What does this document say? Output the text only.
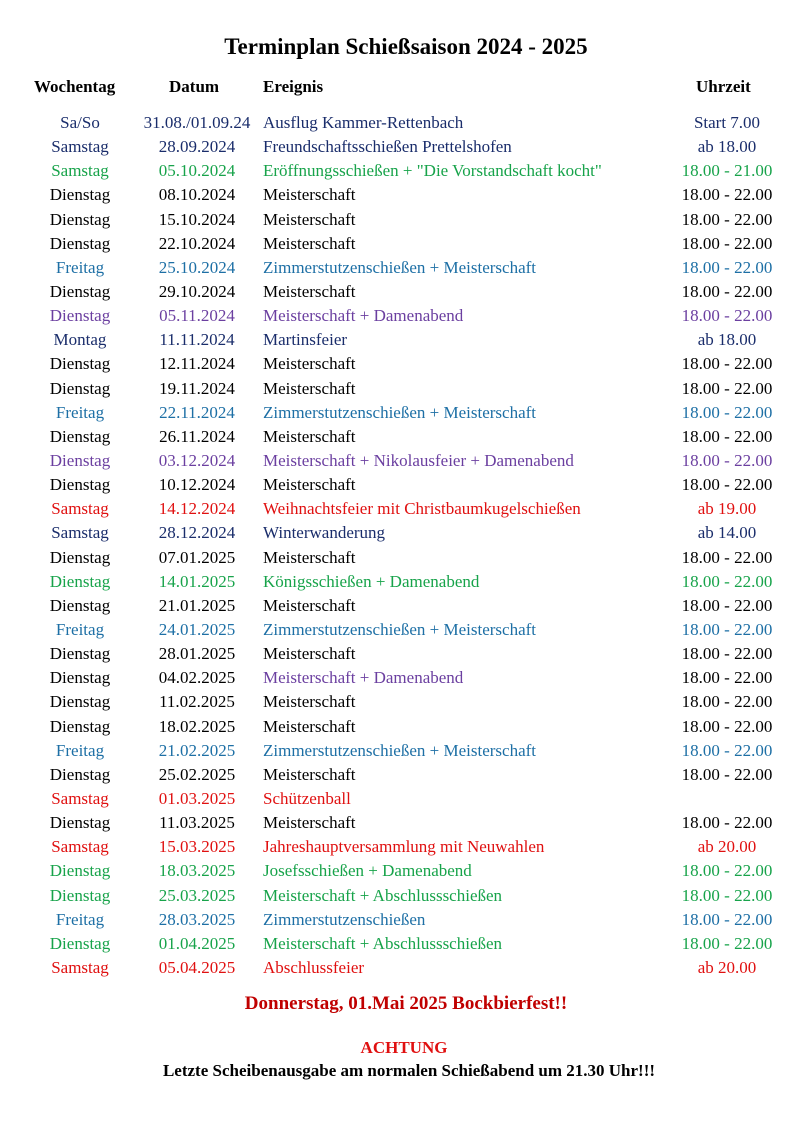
Terminplan Schießsaison 2024 - 2025
Wochentag	Datum	Ereignis	Uhrzeit
Sa/So	31.08./01.09.24 Ausflug Kammer-Rettenbach	Start 7.00
Samstag	28.09.2024	Freundschaftsschießen Prettelshofen	ab 18.00
Samstag	05.10.2024	Eröffnungsschießen + "Die Vorstandschaft kocht"	18.00 - 21.00
Dienstag	08.10.2024	Meisterschaft	18.00 - 22.00
Dienstag	15.10.2024	Meisterschaft	18.00 - 22.00
Dienstag	22.10.2024	Meisterschaft	18.00 - 22.00
Freitag	25.10.2024	Zimmerstutzenschießen + Meisterschaft	18.00 - 22.00
Dienstag	29.10.2024	Meisterschaft	18.00 - 22.00
Dienstag	05.11.2024	Meisterschaft + Damenabend	18.00 - 22.00
Montag	11.11.2024	Martinsfeier	ab 18.00
Dienstag	12.11.2024	Meisterschaft	18.00 - 22.00
Dienstag	19.11.2024	Meisterschaft	18.00 - 22.00
Freitag	22.11.2024	Zimmerstutzenschießen + Meisterschaft	18.00 - 22.00
Dienstag	26.11.2024	Meisterschaft	18.00 - 22.00
Dienstag	03.12.2024	Meisterschaft + Nikolausfeier + Damenabend	18.00 - 22.00
Dienstag	10.12.2024	Meisterschaft	18.00 - 22.00
Samstag	14.12.2024	Weihnachtsfeier mit Christbaumkugelschießen	ab 19.00
Samstag	28.12.2024	Winterwanderung	ab 14.00
Dienstag	07.01.2025	Meisterschaft	18.00 - 22.00
Dienstag	14.01.2025	Königsschießen + Damenabend	18.00 - 22.00
Dienstag	21.01.2025	Meisterschaft	18.00 - 22.00
Freitag	24.01.2025	Zimmerstutzenschießen + Meisterschaft	18.00 - 22.00
Dienstag	28.01.2025	Meisterschaft	18.00 - 22.00
Dienstag	04.02.2025	Meisterschaft + Damenabend	18.00 - 22.00
Dienstag	11.02.2025	Meisterschaft	18.00 - 22.00
Dienstag	18.02.2025	Meisterschaft	18.00 - 22.00
Freitag	21.02.2025	Zimmerstutzenschießen + Meisterschaft	18.00 - 22.00
Dienstag	25.02.2025	Meisterschaft	18.00 - 22.00
Samstag	01.03.2025	Schützenball
Dienstag	11.03.2025	Meisterschaft	18.00 - 22.00
Samstag	15.03.2025	Jahreshauptversammlung mit Neuwahlen	ab 20.00
Dienstag	18.03.2025	Josefsschießen + Damenabend	18.00 - 22.00
Dienstag	25.03.2025	Meisterschaft + Abschlussschießen	18.00 - 22.00
Freitag	28.03.2025	Zimmerstutzenschießen	18.00 - 22.00
Dienstag	01.04.2025	Meisterschaft + Abschlussschießen	18.00 - 22.00
Samstag	05.04.2025	Abschlussfeier	ab 20.00
Donnerstag, 01.Mai 2025 Bockbierfest!!
ACHTUNG
Letzte Scheibenausgabe am normalen Schießabend um 21.30 Uhr!!!
